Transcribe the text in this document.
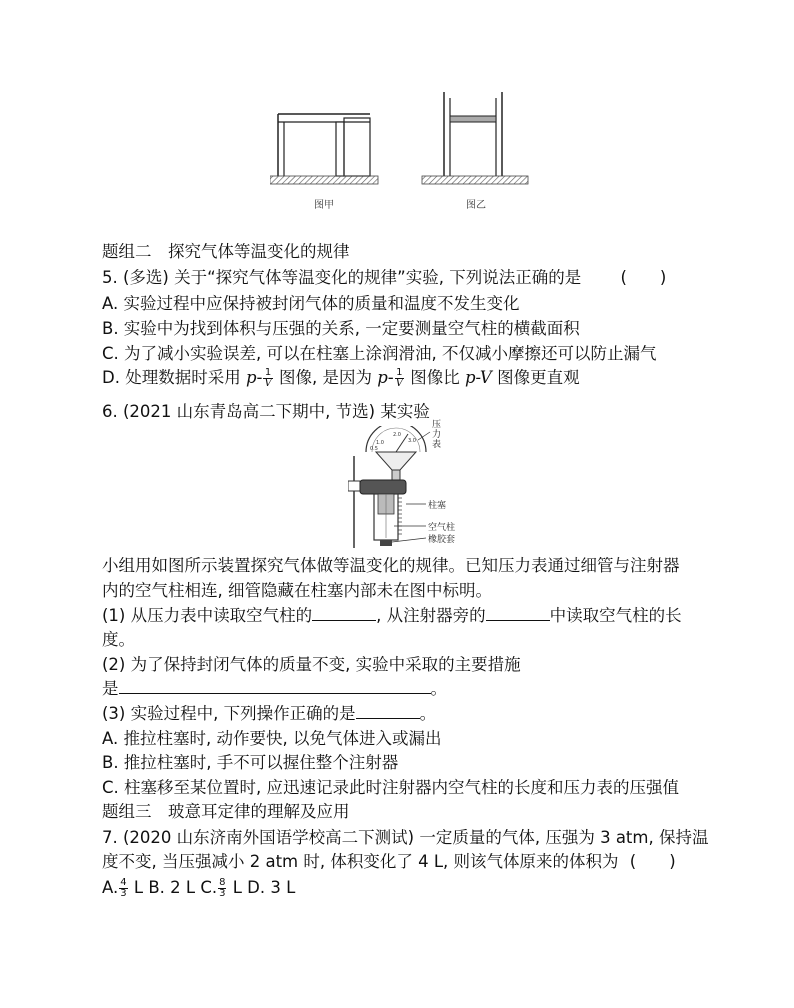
图甲	图乙
题组二　探究气体等温变化的规律
5. (多选) 关于“探究气体等温变化的规律”实验, 下列说法正确的是 (　　)
A. 实验过程中应保持被封闭气体的质量和温度不发生变化
B. 实验中为找到体积与压强的关系, 一定要测量空气柱的横截面积
C. 为了减小实验误差, 可以在柱塞上涂润滑油, 不仅减小摩擦还可以防止漏气
D. 处理数据时采用 $p- \frac{1}{V}$ 图像, 是因为 $p- \frac{1}{V}$ 图像比 p-V 图像更直观
6. (2021 山东青岛高二下期中, 节选) 某实验
1.0
2.0
3.0
0.5
压力表
柱塞
空气柱
橡胶套
小组用如图所示装置探究气体做等温变化的规律。已知压力表通过细管与注射器
内的空气柱相连, 细管隐藏在柱塞内部未在图中标明。
(1) 从压力表中读取空气柱的	, 从注射器旁的	中读取空气柱的长
度。
(2) 为了保持封闭气体的质量不变, 实验中采取的主要措施
是	。
(3) 实验过程中, 下列操作正确的是	。
A. 推拉柱塞时, 动作要快, 以免气体进入或漏出
B. 推拉柱塞时, 手不可以握住整个注射器
C. 柱塞移至某位置时, 应迅速记录此时注射器内空气柱的长度和压力表的压强值
题组三　玻意耳定律的理解及应用
7. (2020 山东济南外国语学校高二下测试) 一定质量的气体, 压强为 3 atm, 保持温
度不变, 当压强减小 2 atm 时, 体积变化了 4 L, 则该气体原来的体积为 (　　)
A. $\frac{4}{3}$ L B. 2 L C. $\frac{8}{3}$ L D. 3 L
